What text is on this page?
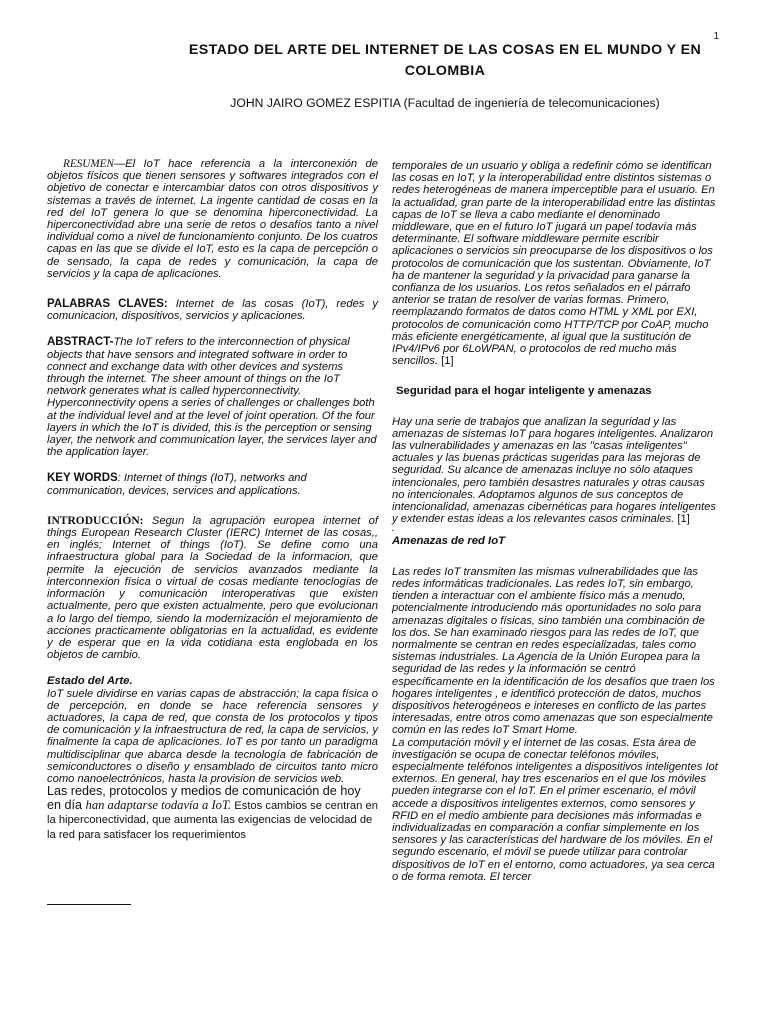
1
ESTADO DEL ARTE DEL INTERNET DE LAS COSAS EN EL MUNDO Y EN COLOMBIA
JOHN JAIRO GOMEZ ESPITIA (Facultad de ingeniería de telecomunicaciones)

RESUMEN—El IoT hace referencia a la interconexión de objetos físicos que tienen sensores y softwares integrados con el objetivo de conectar e intercambiar datos con otros dispositivos y sistemas a través de internet. La ingente cantidad de cosas en la red del IoT genera lo que se denomina hiperconectividad. La hiperconectividad abre una serie de retos o desafíos tanto a nivel individual como a nivel de funcionamiento conjunto. De los cuatros capas en las que se divide el IoT, esto es la capa de percepción o de sensado, la capa de redes y comunicación, la capa de servicios y la capa de aplicaciones.

PALABRAS CLAVES: Internet de las cosas (IoT), redes y comunicacion, dispositivos, servicios y aplicaciones.

ABSTRACT-The IoT refers to the interconnection of physical objects that have sensors and integrated software in order to connect and exchange data with other devices and systems through the internet. The sheer amount of things on the IoT network generates what is called hyperconnectivity. Hyperconnectivity opens a series of challenges or challenges both at the individual level and at the level of joint operation. Of the four layers in which the IoT is divided, this is the perception or sensing layer, the network and communication layer, the services layer and the application layer.

KEY WORDS: Internet of things (IoT), networks and communication, devices, services and applications.

INTRODUCCIÓN: Segun la agrupación europea internet of things European Research Cluster (IERC) Internet de las cosas,, en inglés; Internet of things (IoT). Se define como una infraestructura global para la Sociedad de la informacion, que permite la ejecución de servicios avanzados mediante la interconnexion física o virtual de cosas mediante tenoclogías de información y comunicación interoperativas que existen actualmente, pero que existen actualmente, pero que evolucionan a lo largo del tiempo, siendo la modernización el mejoramiento de acciones practicamente obligatorias en la actualidad, es evidente y de esperar que en la vida cotidiana esta englobada en los objetos de cambio.

Estado del Arte.

IoT suele dividirse en varias capas de abstracción; la capa física o de percepción, en donde se hace referencia sensores y actuadores, la capa de red, que consta de los protocolos y tipos de comunicación y la infraestructura de red, la capa de servicios, y finalmente la capa de aplicaciones. IoT es por tanto un paradigma multidisciplinar que abarca desde la tecnología de fabricación de semiconductores o diseño y ensamblado de circuitos tanto micro como nanoelectrónicos, hasta la provision de servicios web.

Las redes, protocolos y medios de comunicación de hoy en día han adaptarse todavía a IoT. Estos cambios se centran en la hiperconectividad, que aumenta las exigencias de velocidad de la red para satisfacer los requerimientos

temporales de un usuario y obliga a redefinir cómo se identifican las cosas en IoT, y la interoperabilidad entre distintos sistemas o redes heterogéneas de manera imperceptible para el usuario. En la actualidad, gran parte de la interoperabilidad entre las distintas capas de IoT se lleva a cabo mediante el denominado middleware, que en el futuro IoT jugará un papel todavía más determinante. El software middleware permite escribir aplicaciones o servicios sin preocuparse de los dispositivos o los protocolos de comunicación que los sustentan. Obviamente, IoT ha de mantener la seguridad y la privacidad para ganarse la confianza de los usuarios. Los retos señalados en el párrafo anterior se tratan de resolver de varias formas. Primero, reemplazando formatos de datos como HTML y XML por EXI, protocolos de comunicación como HTTP/TCP por CoAP, mucho más eficiente energéticamente, al igual que la sustitución de IPv4/IPv6 por 6LoWPAN, o protocolos de red mucho más sencillos. [1]

Seguridad para el hogar inteligente y amenazas

Hay una serie de trabajos que analizan la seguridad y las amenazas de sistemas IoT para hogares inteligentes. Analizaron las vulnerabilidades y amenazas en las "casas inteligentes" actuales y las buenas prácticas sugeridas para las mejoras de seguridad. Su alcance de amenazas incluye no sólo ataques intencionales, pero también desastres naturales y otras causas no intencionales. Adoptamos algunos de sus conceptos de intencionalidad, amenazas cibernéticas para hogares inteligentes y extender estas ideas a los relevantes casos criminales. [1]

.

Amenazas de red IoT

Las redes IoT transmiten las mismas vulnerabilidades que las redes informáticas tradicionales. Las redes IoT, sin embargo, tienden a interactuar con el ambiente físico más a menudo, potencialmente introduciendo más oportunidades no solo para amenazas digitales o físicas, sino también una combinación de los dos. Se han examinado riesgos para las redes de IoT, que normalmente se centran en redes especializadas, tales como sistemas industriales. La Agencia de la Unión Europea para la seguridad de las redes y la información se centró específicamente en la identificación de los desafíos que traen los hogares inteligentes , e identificó protección de datos, muchos dispositivos heterogéneos e intereses en conflicto de las partes interesadas, entre otros como amenazas que son especialmente común en las redes IoT Smart Home.

La computación móvil y el internet de las cosas. Esta área de investigación se ocupa de conectar teléfonos móviles, especialmente teléfonos inteligentes a dispositivos inteligentes Iot externos. En general, hay tres escenarios en el que los móviles pueden integrarse con el IoT. En el primer escenario, el móvil accede a dispositivos inteligentes externos, como sensores y RFID en el medio ambiente para decisiones más informadas e individualizadas en comparación a confiar simplemente en los sensores y las características del hardware de los móviles. En el segundo escenario, el móvil se puede utilizar para controlar dispositivos de IoT en el entorno, como actuadores, ya sea cerca o de forma remota. El tercer
